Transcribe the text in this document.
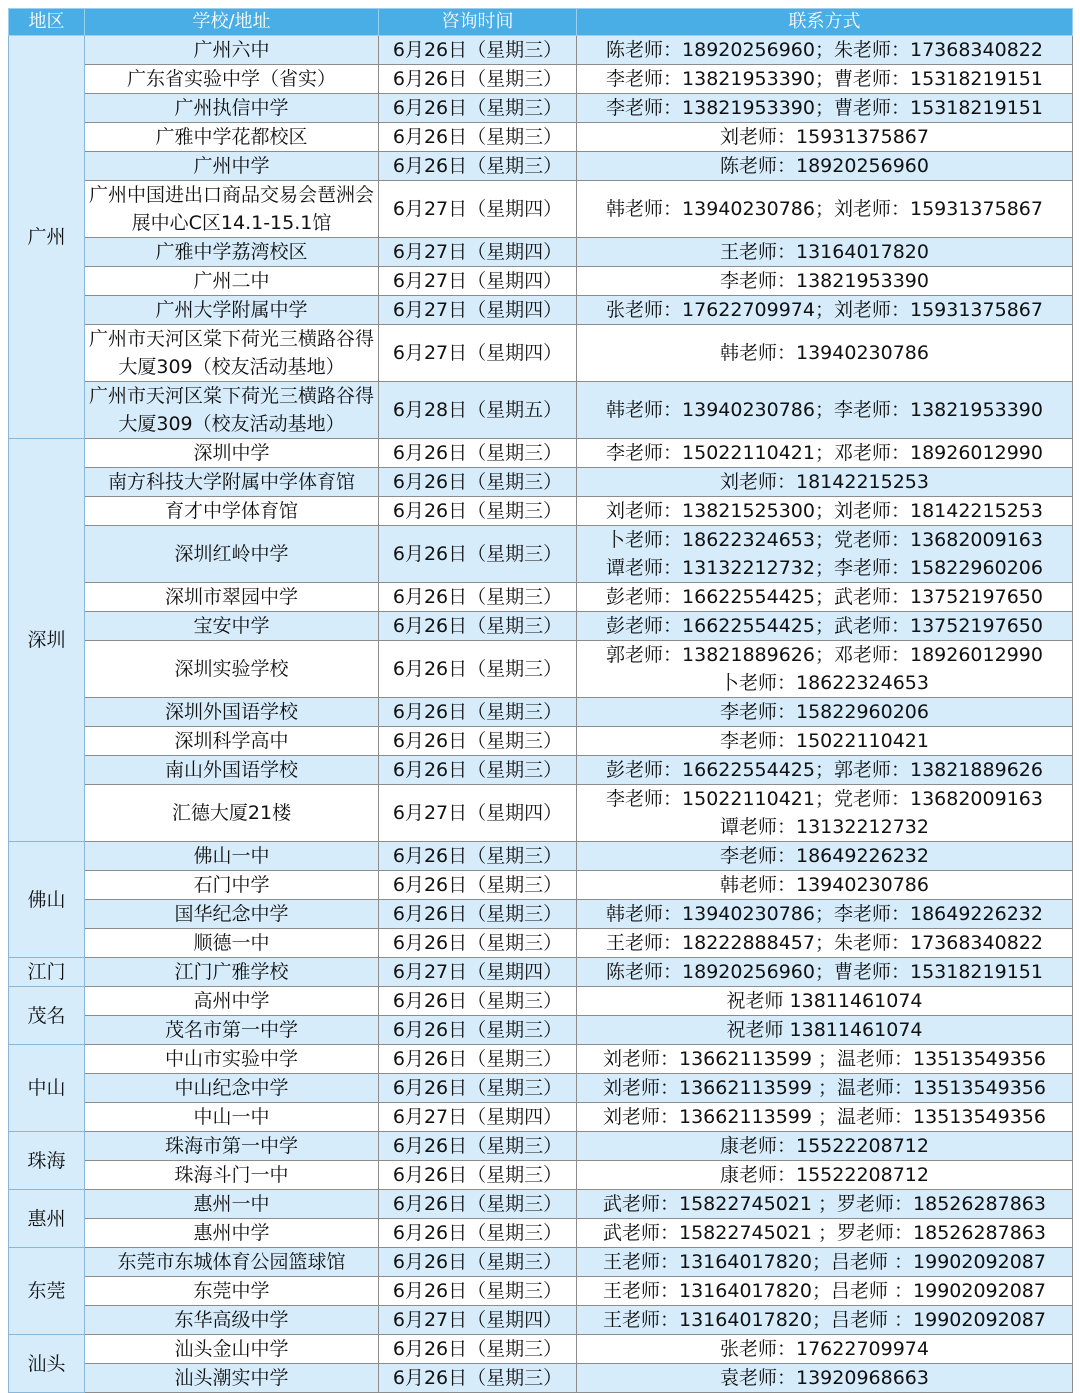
地区	学校/地址	咨询时间	联系方式
广州	广州六中	6月26日（星期三）	陈老师：18920256960；朱老师：17368340822

	广东省实验中学（省实）	6月26日（星期三）	李老师：13821953390；曹老师：15318219151

	广州执信中学	6月26日（星期三）	李老师：13821953390；曹老师：15318219151

	广雅中学花都校区	6月26日（星期三）	刘老师：15931375867

	广州中学	6月26日（星期三）	陈老师：18920256960

	广州中国进出口商品交易会琶洲会展中心C区14.1-15.1馆	6月27日（星期四）	韩老师：13940230786；刘老师：15931375867

	广雅中学荔湾校区	6月27日（星期四）	王老师：13164017820

	广州二中	6月27日（星期四）	李老师：13821953390

	广州大学附属中学	6月27日（星期四）	张老师：17622709974；刘老师：15931375867

	广州市天河区棠下荷光三横路谷得大厦309（校友活动基地）	6月27日（星期四）	韩老师：13940230786

	广州市天河区棠下荷光三横路谷得大厦309（校友活动基地）	6月28日（星期五）	韩老师：13940230786；李老师：13821953390

深圳	深圳中学	6月26日（星期三）	李老师：15022110421；邓老师：18926012990

	南方科技大学附属中学体育馆	6月26日（星期三）	刘老师：18142215253

	育才中学体育馆	6月26日（星期三）	刘老师：13821525300；刘老师：18142215253

	深圳红岭中学	6月26日（星期三）	卜老师：18622324653；党老师：13682009163
谭老师：13132212732；李老师：15822960206

	深圳市翠园中学	6月26日（星期三）	彭老师：16622554425；武老师：13752197650

	宝安中学	6月26日（星期三）	彭老师：16622554425；武老师：13752197650

	深圳实验学校	6月26日（星期三）	郭老师：13821889626；邓老师：18926012990
卜老师：18622324653

	深圳外国语学校	6月26日（星期三）	李老师：15822960206

	深圳科学高中	6月26日（星期三）	李老师：15022110421

	南山外国语学校	6月26日（星期三）	彭老师：16622554425；郭老师：13821889626

	汇德大厦21楼	6月27日（星期四）	李老师：15022110421；党老师：13682009163
谭老师：13132212732

佛山	佛山一中	6月26日（星期三）	李老师：18649226232

	石门中学	6月26日（星期三）	韩老师：13940230786

	国华纪念中学	6月26日（星期三）	韩老师：13940230786；李老师：18649226232

	顺德一中	6月26日（星期三）	王老师：18222888457；朱老师：17368340822

江门	江门广雅学校	6月27日（星期四）	陈老师：18920256960；曹老师：15318219151

茂名	高州中学	6月26日（星期三）	祝老师 13811461074

	茂名市第一中学	6月26日（星期三）	祝老师 13811461074

中山	中山市实验中学	6月26日（星期三）	刘老师：13662113599 ；温老师：13513549356

	中山纪念中学	6月26日（星期三）	刘老师：13662113599 ；温老师：13513549356

	中山一中	6月27日（星期四）	刘老师：13662113599 ；温老师：13513549356

珠海	珠海市第一中学	6月26日（星期三）	康老师：15522208712

	珠海斗门一中	6月26日（星期三）	康老师：15522208712

惠州	惠州一中	6月26日（星期三）	武老师：15822745021 ；罗老师：18526287863

	惠州中学	6月26日（星期三）	武老师：15822745021 ；罗老师：18526287863

东莞	东莞市东城体育公园篮球馆	6月26日（星期三）	王老师：13164017820；吕老师 ：19902092087

	东莞中学	6月26日（星期三）	王老师：13164017820；吕老师 ：19902092087

	东华高级中学	6月27日（星期四）	王老师：13164017820；吕老师 ：19902092087

汕头	汕头金山中学	6月26日（星期三）	张老师：17622709974

	汕头潮实中学	6月26日（星期三）	袁老师：13920968663
